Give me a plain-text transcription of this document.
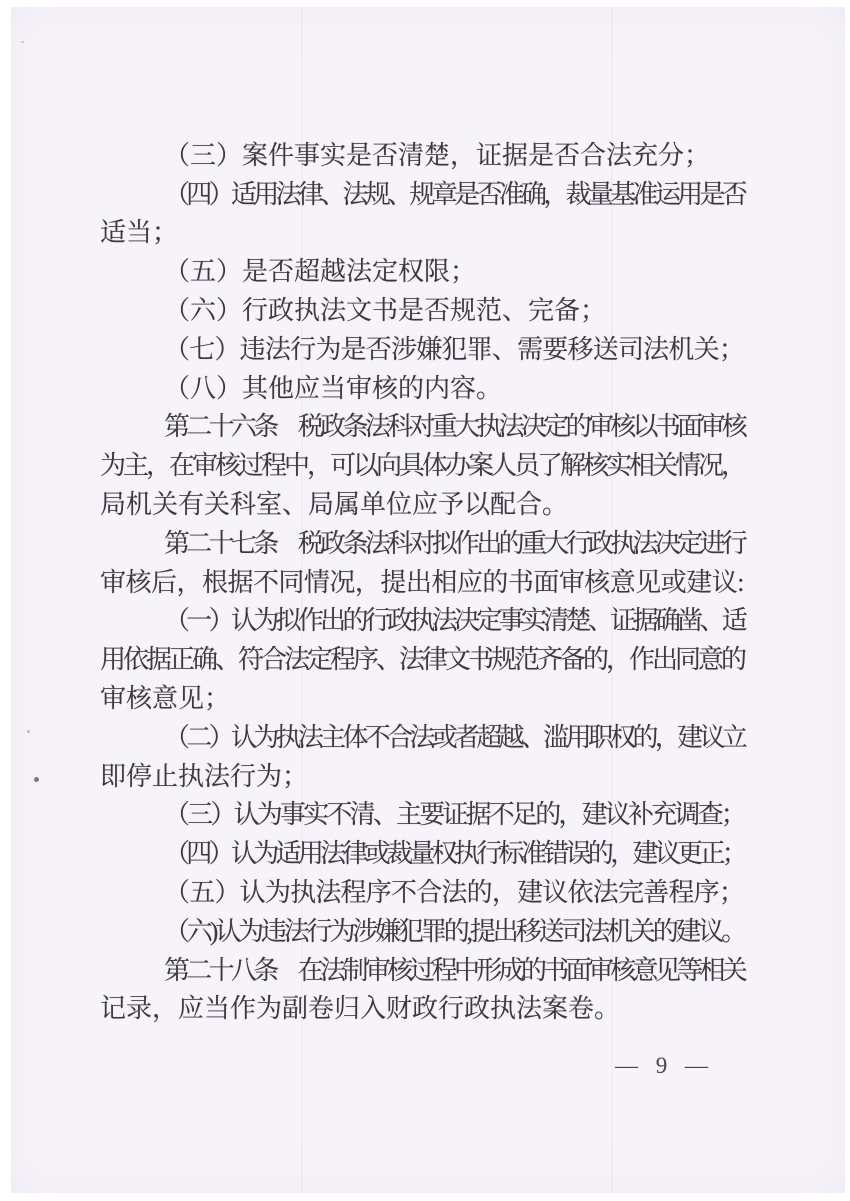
（三）案件事实是否清楚，证据是否合法充分；
（四）适用法律、法规、规章是否准确，裁量基准运用是否
适当；
（五）是否超越法定权限；
（六）行政执法文书是否规范、完备；
（七）违法行为是否涉嫌犯罪、需要移送司法机关；
（八）其他应当审核的内容。
第二十六条　税政条法科对重大执法决定的审核以书面审核
为主，在审核过程中，可以向具体办案人员了解核实相关情况，
局机关有关科室、局属单位应予以配合。
第二十七条　税政条法科对拟作出的重大行政执法决定进行
审核后，根据不同情况，提出相应的书面审核意见或建议:
（一）认为拟作出的行政执法决定事实清楚、证据确凿、适
用依据正确、符合法定程序、法律文书规范齐备的，作出同意的
审核意见；
（二）认为执法主体不合法或者超越、滥用职权的，建议立
即停止执法行为；
（三）认为事实不清、主要证据不足的，建议补充调查；
（四）认为适用法律或裁量权执行标准错误的，建议更正；
（五）认为执法程序不合法的，建议依法完善程序；
（六)认为违法行为涉嫌犯罪的,提出移送司法机关的建议。
第二十八条　在法制审核过程中形成的书面审核意见等相关
记录，应当作为副卷归入财政行政执法案卷。
— 9 —
